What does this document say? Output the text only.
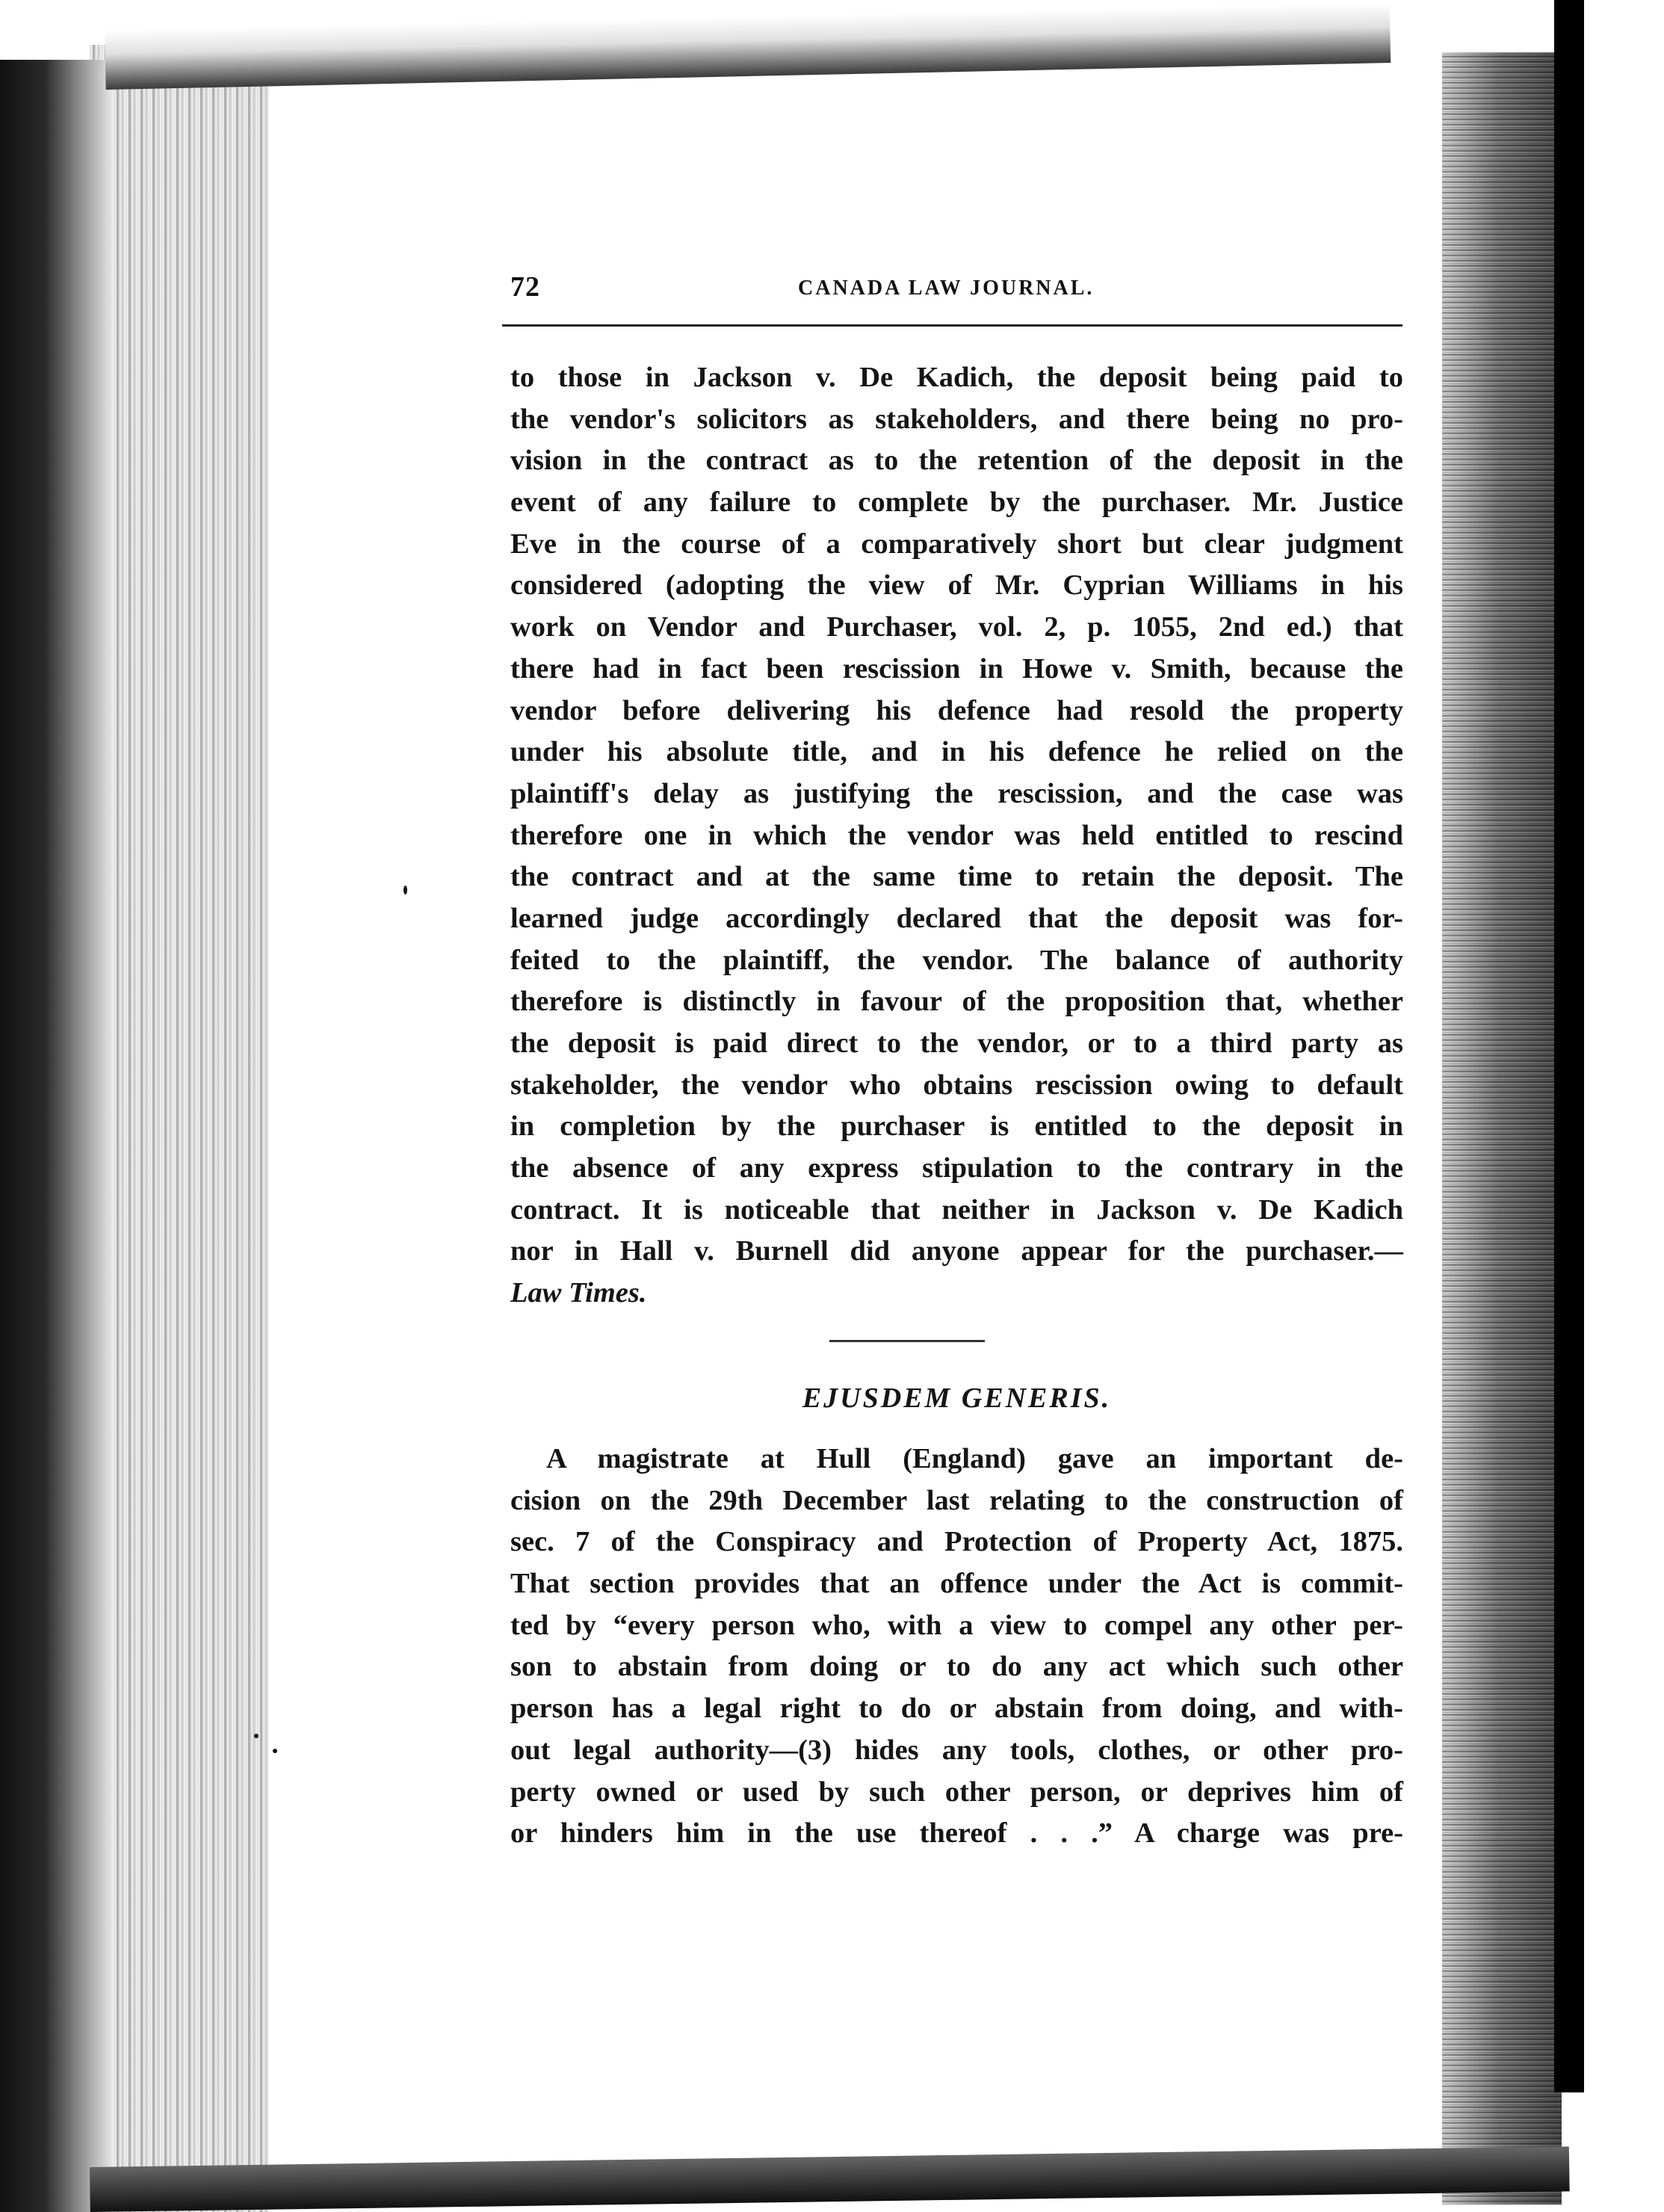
72	CANADA LAW JOURNAL.
to those in Jackson v. De Kadich, the deposit being paid to
the vendor's solicitors as stakeholders, and there being no pro-
vision in the contract as to the retention of the deposit in the
event of any failure to complete by the purchaser. Mr. Justice
Eve in the course of a comparatively short but clear judgment
considered (adopting the view of Mr. Cyprian Williams in his
work on Vendor and Purchaser, vol. 2, p. 1055, 2nd ed.) that
there had in fact been rescission in Howe v. Smith, because the
vendor before delivering his defence had resold the property
under his absolute title, and in his defence he relied on the
plaintiff's delay as justifying the rescission, and the case was
therefore one in which the vendor was held entitled to rescind
the contract and at the same time to retain the deposit. The
learned judge accordingly declared that the deposit was for-
feited to the plaintiff, the vendor. The balance of authority
therefore is distinctly in favour of the proposition that, whether
the deposit is paid direct to the vendor, or to a third party as
stakeholder, the vendor who obtains rescission owing to default
in completion by the purchaser is entitled to the deposit in
the absence of any express stipulation to the contrary in the
contract. It is noticeable that neither in Jackson v. De Kadich
nor in Hall v. Burnell did anyone appear for the purchaser.—
Law Times.
EJUSDEM GENERIS.
A magistrate at Hull (England) gave an important de-
cision on the 29th December last relating to the construction of
sec. 7 of the Conspiracy and Protection of Property Act, 1875.
That section provides that an offence under the Act is commit-
ted by “every person who, with a view to compel any other per-
son to abstain from doing or to do any act which such other
person has a legal right to do or abstain from doing, and with-
out legal authority—(3) hides any tools, clothes, or other pro-
perty owned or used by such other person, or deprives him of
or hinders him in the use thereof . . .” A charge was pre-
